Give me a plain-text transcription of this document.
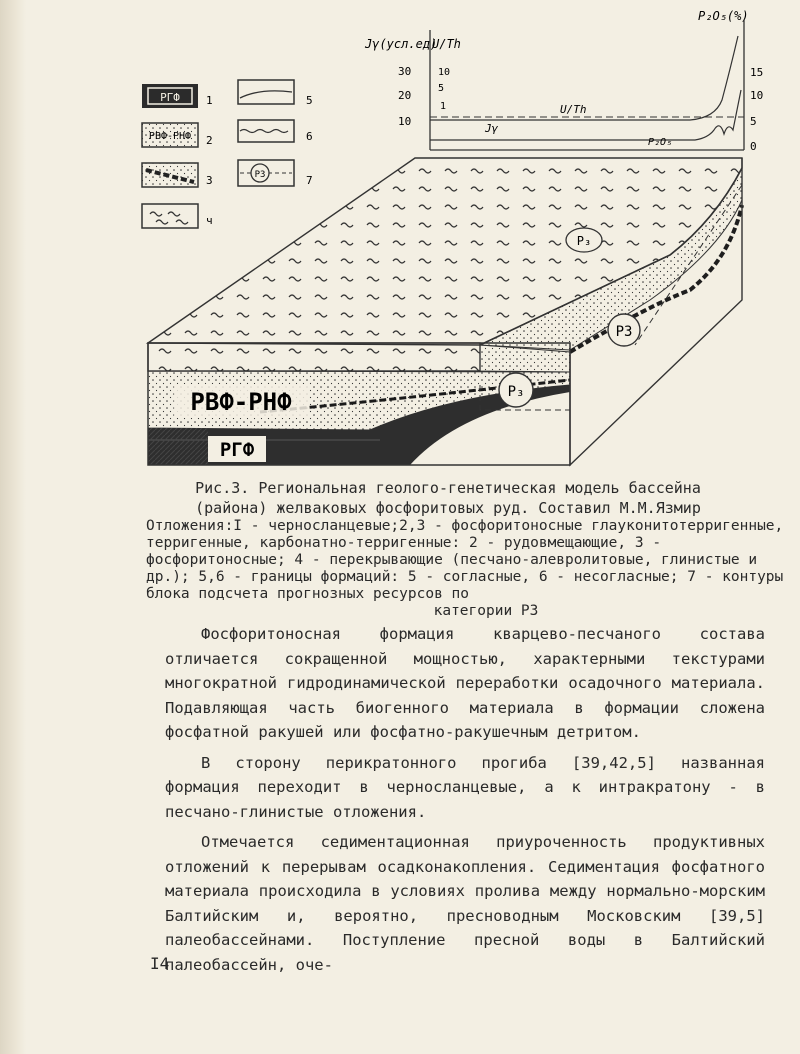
РГФ 1
РВФ-РНФ 2
3
ч
5
6
Р3	7
Jγ(усл.ед)
U/Th
P₂O₅(%)
30
20
10
10
5
1
15
10
5
0
Jγ
U/Th
P₂O₅
РВФ-РНФ
РГФ
Р₃
Р3
Р₃
Рис.3. Региональная геолого-генетическая модель бассейна
(района) желваковых фосфоритовых руд. Составил М.М.Язмир
Отложения:I - черносланцевые;2,3 - фосфоритоносные глауконитотерригенные, терригенные, карбонатно-терригенные: 2 - рудовмещающие, 3 - фосфоритоносные; 4 - перекрывающие (песчано-алевролитовые, глинистые и др.); 5,6 - границы формаций: 5 - согласные, 6 - несогласные; 7 - контуры блока подсчета прогнозных ресурсов по
категории Р3

Фосфоритоносная формация кварцево-песчаного состава отличается сокращенной мощностью, характерными текстурами многократной гидродинамической переработки осадочного материала. Подавляющая часть биогенного материала в формации сложена фосфатной ракушей или фосфатно-ракушечным детритом.

В сторону перикратонного прогиба [39,42,5] названная формация переходит в черносланцевые, а к интракратону - в песчано-глинистые отложения.

Отмечается седиментационная приуроченность продуктивных отложений к перерывам осадконакопления. Седиментация фосфатного материала происходила в условиях пролива между нормально-морским Балтийским и, вероятно, пресноводным Московским [39,5] палеобассейнами. Поступление пресной воды в Балтийский палеобассейн, оче-

I4
